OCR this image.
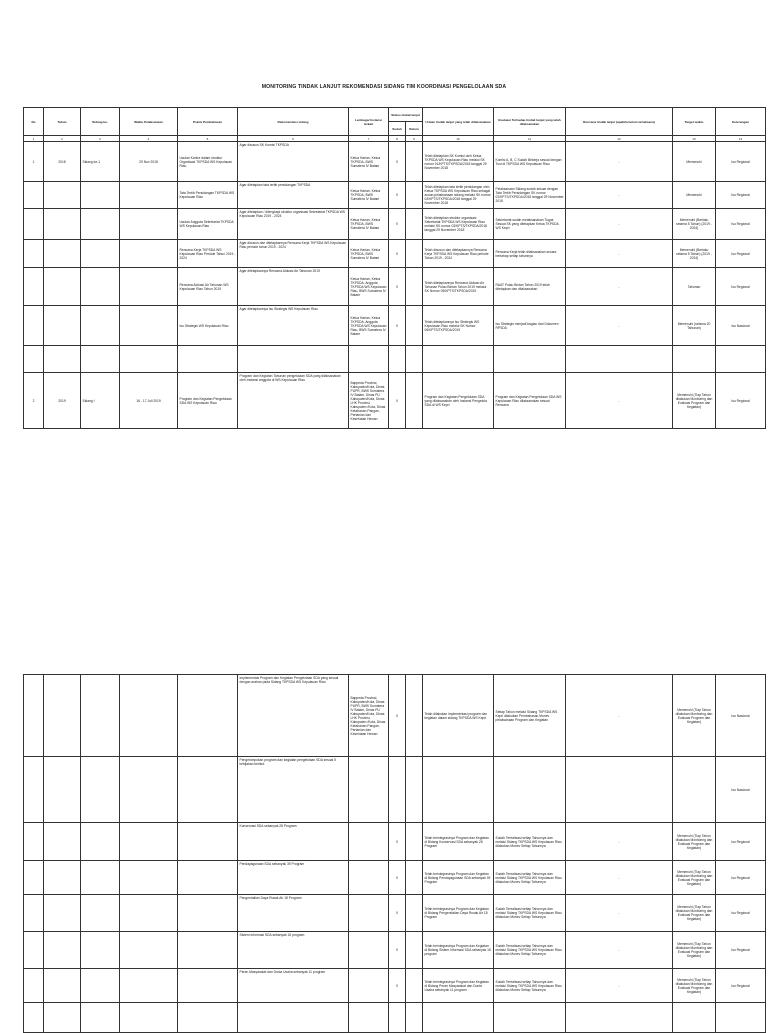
MONITORING TINDAK LANJUT REKOMENDASI SIDANG TIM KOORDINASI PENGELOLAAN SDA
No	Tahun	Sidang ke-	Waktu Pelaksanaan	Pokok Pembahasan	Rekomendasi sidang	Lembaga/ Instansi terkait	Status tindak lanjut		Uraian tindak lanjut yang telah dilaksanakan	Evaluasi Terhadap tindak lanjut yang telah dilaksanakan	Rencana tindak lanjut (apabila belum terlaksana)	Target waktu	Keterangan
							Sudah	Belum					
1	2	3	4	5	6	7	8	9	10	11	12	13	14
1	2018	Sidang ke-1	29 Nov 2018	Usulan Kantor dalam struktur Organisasi TKPSDA WS Kepulauan Riau	Agar disusun SK Komisi TKPSDA	Ketua Harian, Ketua TKPSDA, BWS Sumatera IV Batam	V		Telah ditetapkan SK Komisi oleh Ketua TKPSDA WS Kepulauan Riau melalui SK nomor 01/KPTS/TKPSDA/2018 tanggal 29 November 2018	Komisi A, B, C Sudah Bekerja sesuai dengan Tusi di TKPSDA WS Kepulauan Riau	-	Memenuhi	Isu Regional
				Tata Tertib Persidangan TKPSDA WS Kepulauan Riau	Agar ditetapkan tata tertib persidangan TKPSDA	Ketua Harian, Ketua TKPSDA, BWS Sumatera IV Batam	V		Telah ditetapkan tata tertib persidangan oleh Ketua TKPSDA WS Kepulauan Riau sebagai acuan pelaksanaan sidang melalui SK nomor 02/KPTS/TKPSDA/2018 tanggal 29 November 2018	Pelaksanaan Sidang sudah sesuai dengan Tata Tertib Persidangan SK nomor 02/KPTS/TKPSDA/2018 tanggal 29 November 2018	-	Memenuhi	Isu Regional
				Usulan Anggota Sekretariat TKPSDA WS Kepulauan Riau	Agar ditetapkan / dilengkapi struktur organisasi Sekretariat TKPSDA WS Kepulauan Riau 2019 - 2024	Ketua Harian, Ketua TKPSDA, BWS Sumatera IV Batam	V		Telah ditetapkan struktur organisasi Sekretariat TKPSDA WS Kepulauan Riau melalui SK nomor 03/KPTS/TKPSDA/2018 tanggal 29 November 2018	Sekretariat sudah melaksanakan Tugas Sesuai SK yang ditetapkan Ketua TKPSDA WS Kepri	-	Memenuhi (Berlaku selama 5 Tahun) (2019 - 2024)	Isu Regional
				Rencana Kerja TKPSDA WS Kepulauan Riau Periode Tahun 2019 - 2024	Agar disusun dan ditetapkannya Rencana Kerja TKPSDA WS Kepulauan Riau periode tahun 2019 - 2024	Ketua Harian, Ketua TKPSDA, BWS Sumatera IV Batam	V		Telah disusun dan ditetapkannya Rencana Kerja TKPSDA WS Kepulauan Riau periode Tahun 2019 - 2024	Rencana Kerja telah dilaksanakan secara bertahap setiap tahunnya	-	Memenuhi (Berlaku selama 5 Tahun) (2019 - 2024)	Isu Regional
				Rencana Alokasi Air Tahunan WS Kepulauan Riau Tahun 2019	Agar ditetapkannya Rencana Alokasi Air Tahunan 2019	Ketua Harian, Ketua TKPSDA, Anggota TKPSDA WS Kepulauan Riau, BWS Sumatera IV Batam	V		Telah ditetapkannya Rencana Alokasi Air Tahunan Pulau Bintan Tahun 2019 melalui SK Nomor 05/KPTS/TKPSDA/2019	RAAT Pulau Bintan Tahun 2019 telah ditetapkan dan dilaksanakan	-	Tahunan	Isu Regional
				Isu Strategis WS Kepulauan Riau	Agar ditetapkannya Isu Strategis WS Kepulauan Riau	Ketua Harian, Ketua TKPSDA, Anggota TKPSDA WS Kepulauan Riau, BWS Sumatera IV Batam	V		Telah ditetapkannya Isu Strategis WS Kepulauan Riau melalui SK Nomor 06/KPTS/TKPSDA/2019	Isu Strategis menjadi bagian dari Dokumen RPSDA	-	Memenuhi (selama 20 Tahunan)	Isu Nasional

2	2019	Sidang I	16 - 17 Juli 2019	Program dan Kegiatan Pengelolaan SDA WS Kepulauan Riau	Program dan Kegiatan Tahunan pengelolaan SDA yang dilaksanakan oleh Instansi anggota di WS Kepulauan Riau	Bappeda Provinsi, Kabupaten/Kota, Dinas PUPR, BWS Sumatera IV Batam, Dinas PU Kabupaten/Kota, Dinas LHK Provinsi, Kabupaten /Kota, Dinas Ketahanan Pangan, Pertanian dan Kesehatan Hewan	V		Program dan Kegiatan Pengelolaan SDA yang dilaksanakan oleh Instansi Pengelola SDA di WS Kepri	Program dan Kegiatan Pengelolaan SDA WS Kepulauan Riau dilaksanakan sesuai Rencana	-	Memenuhi (Tiap Tahun dilakukan Monitoring dan Evaluasi Program dan Kegiatan)	Isu Regional
					Implementasi Program dan Kegiatan Pengelolaan SDA yang sesuai dengan arahan pada Sidang TKPSDA WS Kepulauan Riau	Bappeda Provinsi, Kabupaten/Kota, Dinas PUPR, BWS Sumatera IV Batam, Dinas PU Kabupaten/Kota, Dinas LHK Provinsi, Kabupaten /Kota, Dinas Ketahanan Pangan, Pertanian dan Kesehatan Hewan	V		Telah dilakukan implementasi program dan kegiatan dalam sidang TKPSDA WS Kepri	Setiap Tahun melalui Sidang TKPSDA WS Kepri dilakukan Pembahasan Monev pelaksanaan Program dan Kegiatan	-	Memenuhi (Tiap Tahun dilakukan Monitoring dan Evaluasi Program dan Kegiatan)	Isu Nasional
					Pengelompokan program dan kegiatan pengelolaan SDA sesuai 5 kebijakan berikut								Isu Nasional
					Konservasi SDA sebanyak 28 Program		V		Telah terintegrasinya Program dan Kegiatan di Bidang Konservasi SDA sebanyak 28 Program	Sudah Terealisasi setiap Tahunnya dan melalui Sidang TKPSDA WS Kepulauan Riau dilakukan Monev Setiap Tahunnya	-	Memenuhi (Tiap Tahun dilakukan Monitoring dan Evaluasi Program dan Kegiatan)	Isu Regional
					Pendayagunaan SDA sebanyak 39 Program		V		Telah terintegrasinya Program dan Kegiatan di Bidang Pendayagunaan SDA sebanyak 39 Program	Sudah Terealisasi setiap Tahunnya dan melalui Sidang TKPSDA WS Kepulauan Riau dilakukan Monev Setiap Tahunnya	-	Memenuhi (Tiap Tahun dilakukan Monitoring dan Evaluasi Program dan Kegiatan)	Isu Regional
					Pengendalian Daya Rusak Air 18 Program		V		Telah terintegrasinya Program dan Kegiatan di Bidang Pengendalian Daya Rusak Air 18 Program	Sudah Terealisasi setiap Tahunnya dan melalui Sidang TKPSDA WS Kepulauan Riau dilakukan Monev Setiap Tahunnya	-	Memenuhi (Tiap Tahun dilakukan Monitoring dan Evaluasi Program dan Kegiatan)	Isu Regional
					Sistem Informasi SDA sebanyak 16 program		V		Telah terintegrasinya Program dan Kegiatan di Bidang Sistem Informasi SDA sebanyak 16 program	Sudah Terealisasi setiap Tahunnya dan melalui Sidang TKPSDA WS Kepulauan Riau dilakukan Monev Setiap Tahunnya	-	Memenuhi (Tiap Tahun dilakukan Monitoring dan Evaluasi Program dan Kegiatan)	Isu Regional
					Peran Masyarakat dan Dunia Usaha sebanyak 11 program		V		Telah terintegrasinya Program dan Kegiatan di Bidang Peran Masyarakat dan Dunia Usaha sebanyak 11 program	Sudah Terealisasi setiap Tahunnya dan melalui Sidang TKPSDA WS Kepulauan Riau dilakukan Monev Setiap Tahunnya	-	Memenuhi (Tiap Tahun dilakukan Monitoring dan Evaluasi Program dan Kegiatan)	Isu Regional
